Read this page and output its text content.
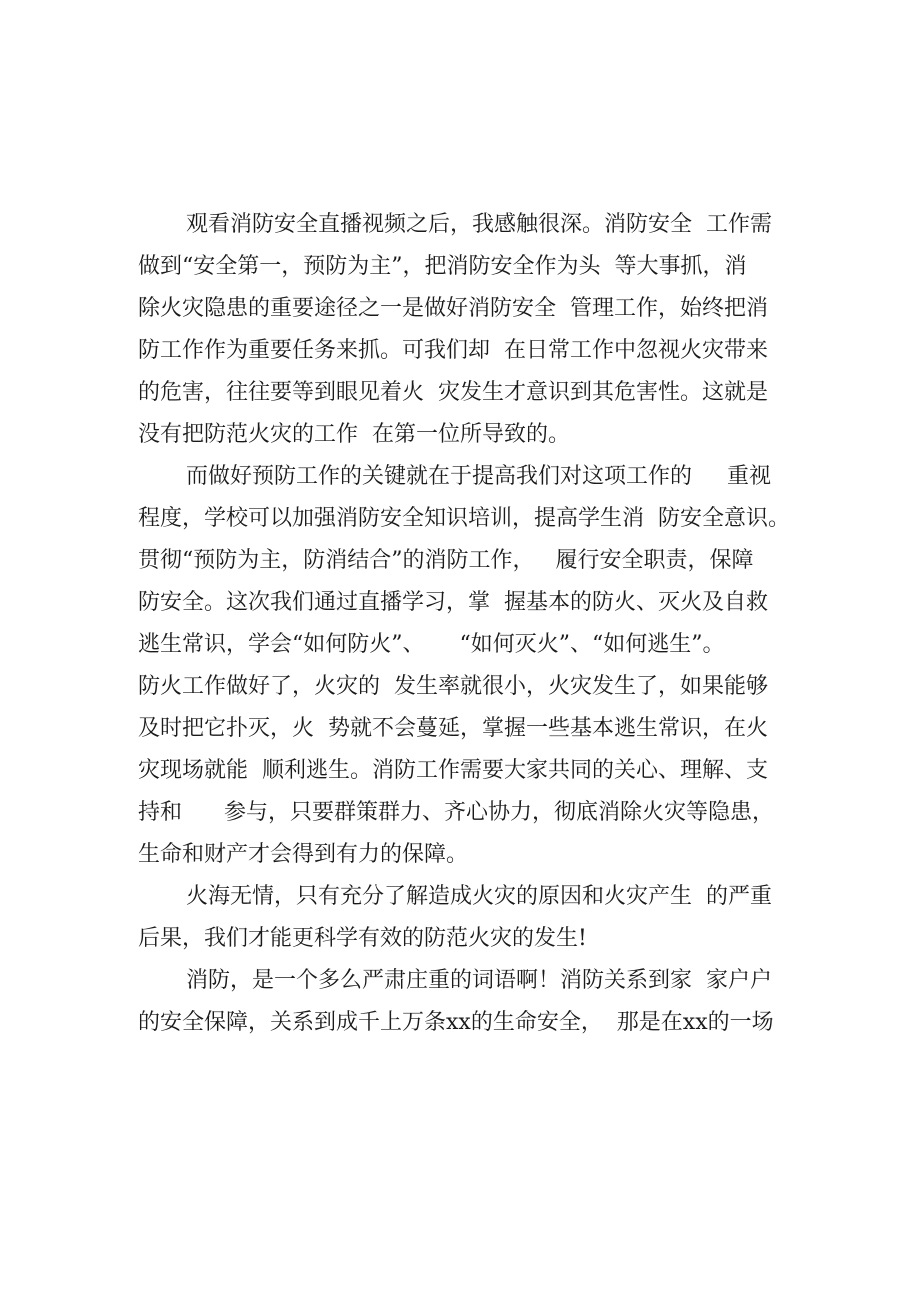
观看消防安全直播视频之后，我感触很深。消防安全  工作需
做到“安全第一，预防为主”，把消防安全作为头  等大事抓，消
除火灾隐患的重要途径之一是做好消防安全  管理工作，始终把消
防工作作为重要任务来抓。可我们却  在日常工作中忽视火灾带来
的危害，往往要等到眼见着火  灾发生才意识到其危害性。这就是
没有把防范火灾的工作  在第一位所导致的。
而做好预防工作的关键就在于提高我们对这项工作的     重视
程度，学校可以加强消防安全知识培训，提高学生消  防安全意识。
贯彻“预防为主，防消结合”的消防工作，   履行安全职责，保障
防安全。这次我们通过直播学习，掌  握基本的防火、灭火及自救
逃生常识，学会“如何防火”、     “如何灭火”、“如何逃生”。
防火工作做好了，火灾的  发生率就很小，火灾发生了，如果能够
及时把它扑灭，火  势就不会蔓延，掌握一些基本逃生常识，在火
灾现场就能  顺利逃生。消防工作需要大家共同的关心、理解、支
持和      参与，只要群策群力、齐心协力，彻底消除火灾等隐患，
生命和财产才会得到有力的保障。
火海无情，只有充分了解造成火灾的原因和火灾产生  的严重
后果，我们才能更科学有效的防范火灾的发生!
消防，是一个多么严肃庄重的词语啊！消防关系到家  家户户
的安全保障，关系到成千上万条xx的生命安全，  那是在xx的一场
